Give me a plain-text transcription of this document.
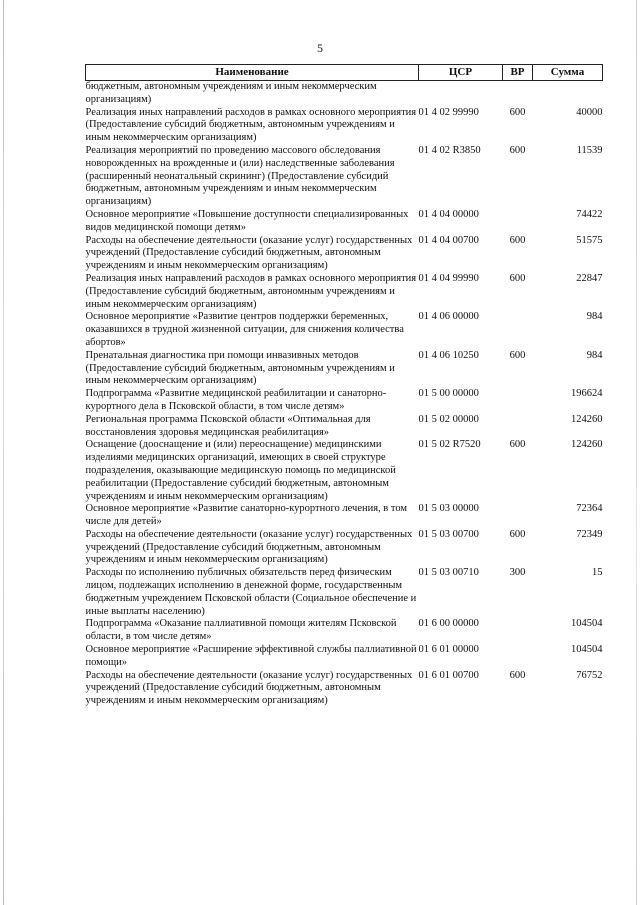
5
Наименование	ЦСР	ВР	Сумма
бюджетным, автономным учреждениям и иным некоммерческим организациям)			
Реализация иных направлений расходов в рамках основного мероприятия (Предоставление субсидий бюджетным, автономным учреждениям и иным некоммерческим организациям)	01 4 02 99990	600	40000
Реализация мероприятий по проведению массового обследования новорожденных на врожденные и (или) наследственные заболевания (расширенный неонатальный скрининг) (Предоставление субсидий бюджетным, автономным учреждениям и иным некоммерческим организациям)	01 4 02 R3850	600	11539
Основное мероприятие «Повышение доступности специализированных видов медицинской помощи детям»	01 4 04 00000		74422
Расходы на обеспечение деятельности (оказание услуг) государственных учреждений (Предоставление субсидий бюджетным, автономным учреждениям и иным некоммерческим организациям)	01 4 04 00700	600	51575
Реализация иных направлений расходов в рамках основного мероприятия (Предоставление субсидий бюджетным, автономным учреждениям и иным некоммерческим организациям)	01 4 04 99990	600	22847
Основное мероприятие «Развитие центров поддержки беременных, оказавшихся в трудной жизненной ситуации, для снижения количества абортов»	01 4 06 00000		984
Пренатальная диагностика при помощи инвазивных методов (Предоставление субсидий бюджетным, автономным учреждениям и иным некоммерческим организациям)	01 4 06 10250	600	984
Подпрограмма «Развитие медицинской реабилитации и санаторно-курортного дела в Псковской области, в том числе детям»	01 5 00 00000		196624
Региональная программа Псковской области «Оптимальная для восстановления здоровья медицинская реабилитация»	01 5 02 00000		124260
Оснащение (дооснащение и (или) переоснащение) медицинскими изделиями медицинских организаций, имеющих в своей структуре подразделения, оказывающие медицинскую помощь по медицинской реабилитации (Предоставление субсидий бюджетным, автономным учреждениям и иным некоммерческим организациям)	01 5 02 R7520	600	124260
Основное мероприятие «Развитие санаторно-курортного лечения, в том числе для детей»	01 5 03 00000		72364
Расходы на обеспечение деятельности (оказание услуг) государственных учреждений (Предоставление субсидий бюджетным, автономным учреждениям и иным некоммерческим организациям)	01 5 03 00700	600	72349
Расходы по исполнению публичных обязательств перед физическим лицом, подлежащих исполнению в денежной форме, государственным бюджетным учреждением Псковской области (Социальное обеспечение и иные выплаты населению)	01 5 03 00710	300	15
Подпрограмма «Оказание паллиативной помощи жителям Псковской области, в том числе детям»	01 6 00 00000		104504
Основное мероприятие «Расширение эффективной службы паллиативной помощи»	01 6 01 00000		104504
Расходы на обеспечение деятельности (оказание услуг) государственных учреждений (Предоставление субсидий бюджетным, автономным учреждениям и иным некоммерческим организациям)	01 6 01 00700	600	76752
